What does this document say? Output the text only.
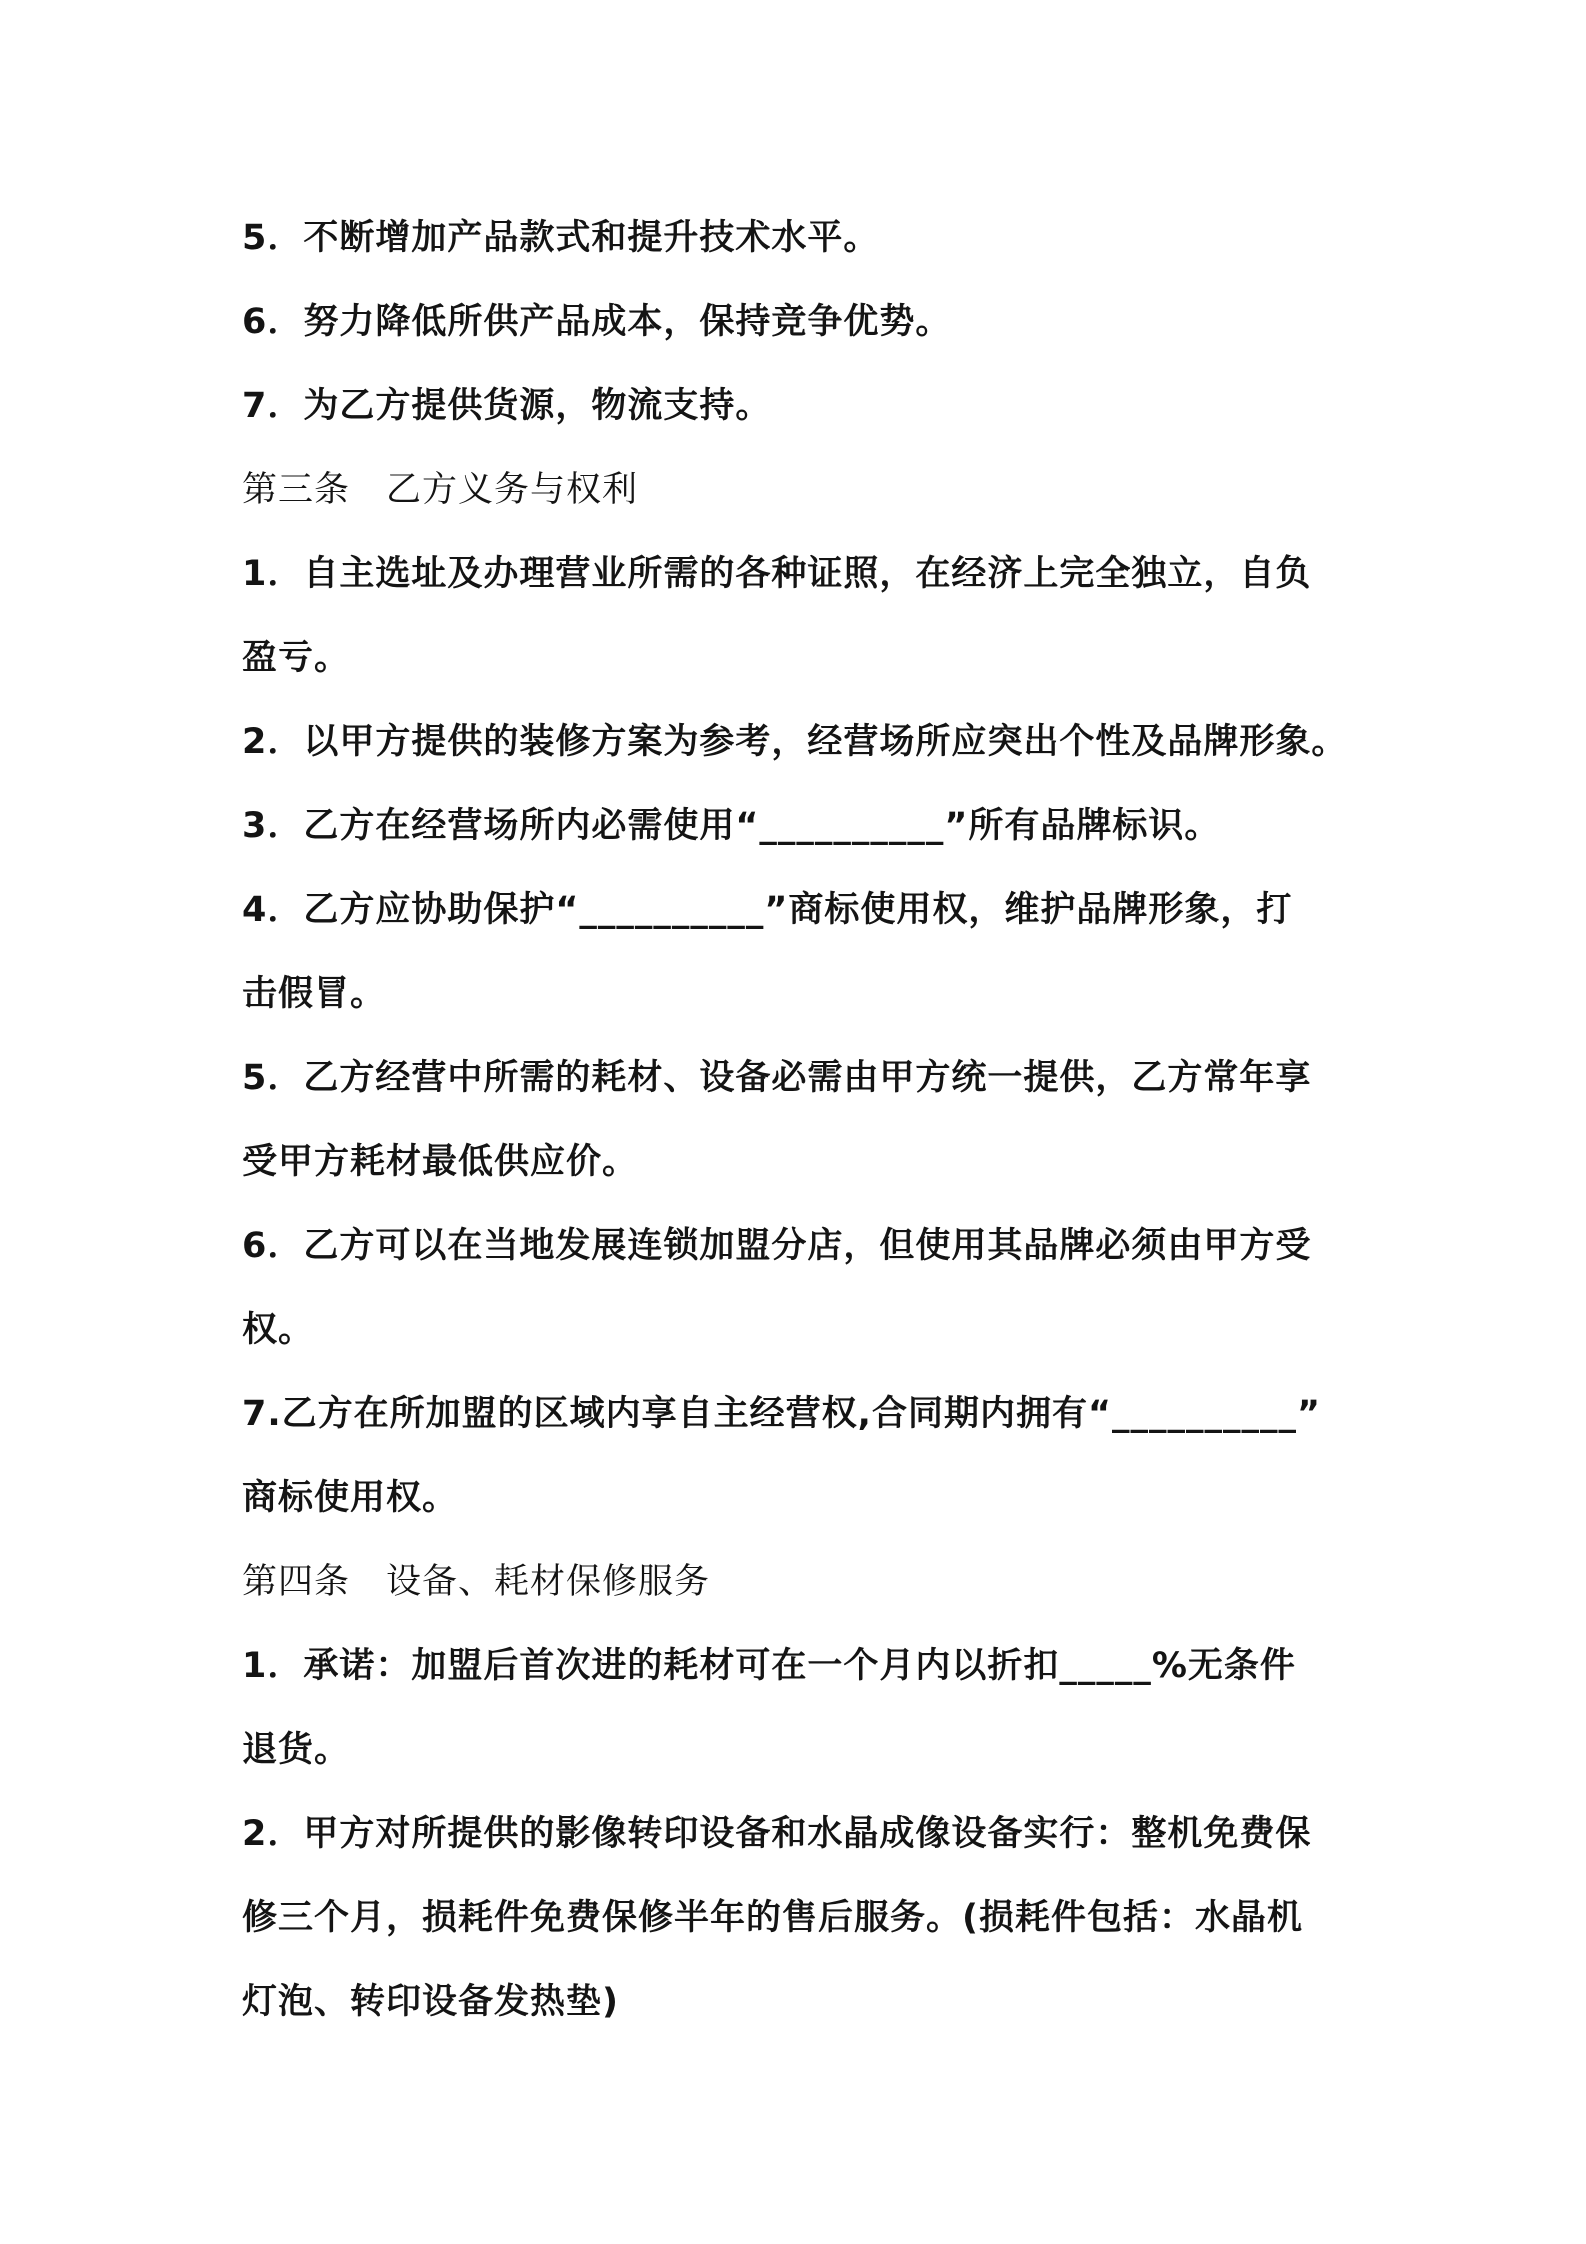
5．不断增加产品款式和提升技术水平。
6．努力降低所供产品成本，保持竞争优势。
7．为乙方提供货源，物流支持。
第三条　乙方义务与权利
1．自主选址及办理营业所需的各种证照，在经济上完全独立，自负
盈亏。
2．以甲方提供的装修方案为参考，经营场所应突出个性及品牌形象。
3．乙方在经营场所内必需使用“__________”所有品牌标识。
4．乙方应协助保护“__________”商标使用权，维护品牌形象，打
击假冒。
5．乙方经营中所需的耗材、设备必需由甲方统一提供，乙方常年享
受甲方耗材最低供应价。
6．乙方可以在当地发展连锁加盟分店，但使用其品牌必须由甲方受
权。
7.乙方在所加盟的区域内享自主经营权,合同期内拥有“__________”
商标使用权。
第四条　设备、耗材保修服务
1．承诺：加盟后首次进的耗材可在一个月内以折扣_____%无条件
退货。
2．甲方对所提供的影像转印设备和水晶成像设备实行：整机免费保
修三个月，损耗件免费保修半年的售后服务。(损耗件包括：水晶机
灯泡、转印设备发热垫)
